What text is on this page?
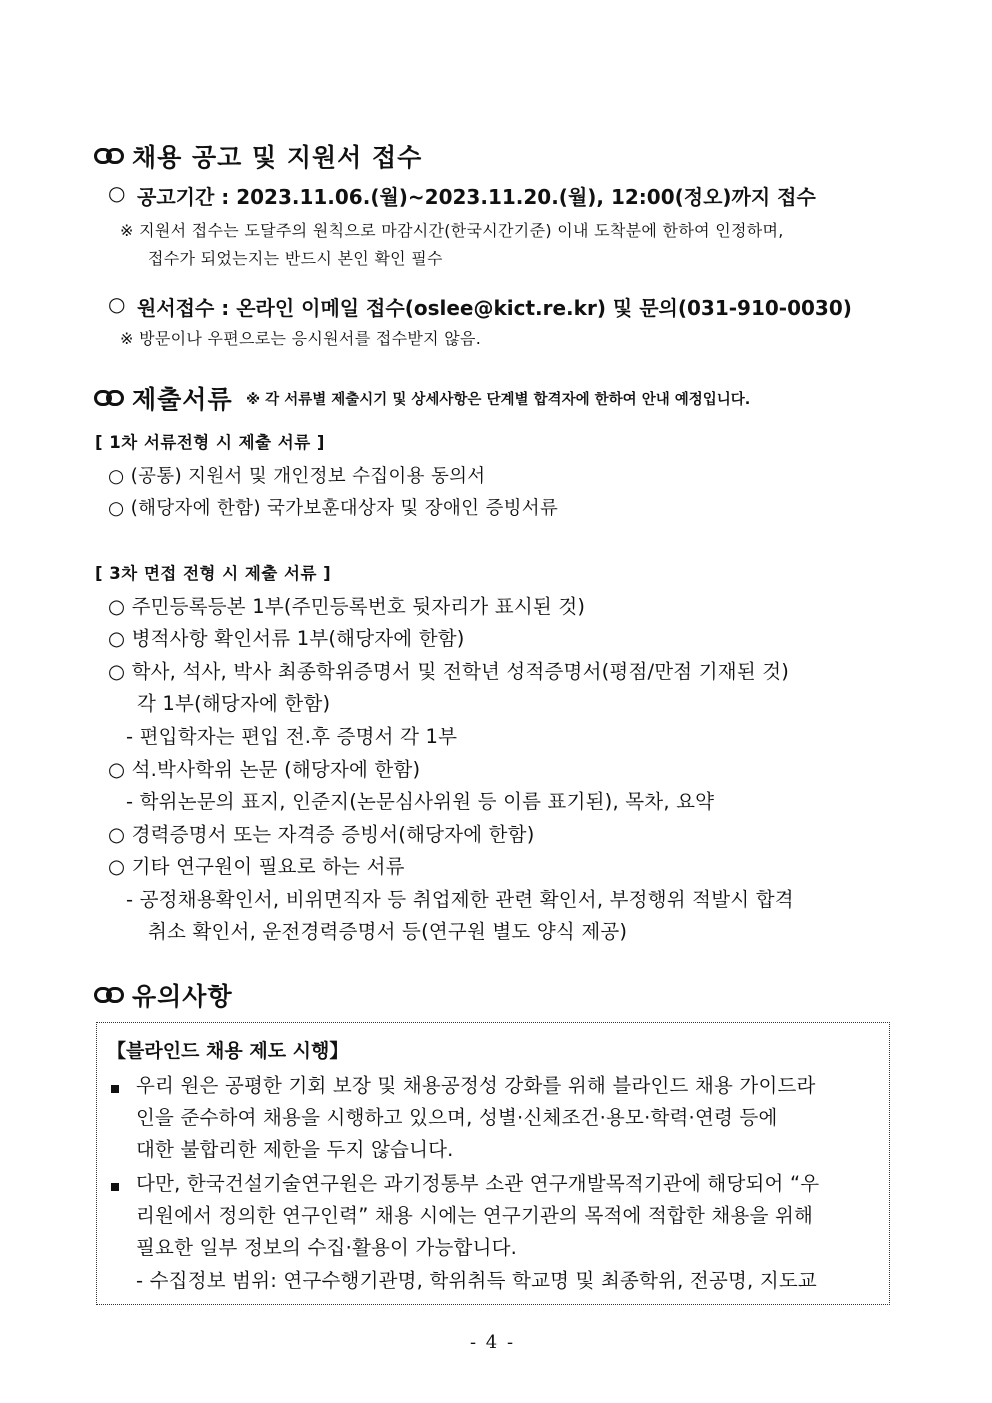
채용 공고 및 지원서 접수
○ 공고기간 : 2023.11.06.(월)~2023.11.20.(월), 12:00(정오)까지 접수
※ 지원서 접수는 도달주의 원칙으로 마감시간(한국시간기준) 이내 도착분에 한하여 인정하며,
접수가 되었는지는 반드시 본인 확인 필수
○ 원서접수 : 온라인 이메일 접수(oslee@kict.re.kr) 및 문의(031-910-0030)
※ 방문이나 우편으로는 응시원서를 접수받지 않음.
제출서류 ※ 각 서류별 제출시기 및 상세사항은 단계별 합격자에 한하여 안내 예정입니다.
[ 1차 서류전형 시 제출 서류 ]
○ (공통) 지원서 및 개인정보 수집이용 동의서
○ (해당자에 한함) 국가보훈대상자 및 장애인 증빙서류
[ 3차 면접 전형 시 제출 서류 ]
○ 주민등록등본 1부(주민등록번호 뒷자리가 표시된 것)
○ 병적사항 확인서류 1부(해당자에 한함)
○ 학사, 석사, 박사 최종학위증명서 및 전학년 성적증명서(평점/만점 기재된 것)
각 1부(해당자에 한함)
- 편입학자는 편입 전.후 증명서 각 1부
○ 석.박사학위 논문 (해당자에 한함)
- 학위논문의 표지, 인준지(논문심사위원 등 이름 표기된), 목차, 요약
○ 경력증명서 또는 자격증 증빙서(해당자에 한함)
○ 기타 연구원이 필요로 하는 서류
- 공정채용확인서, 비위면직자 등 취업제한 관련 확인서, 부정행위 적발시 합격
취소 확인서, 운전경력증명서 등(연구원 별도 양식 제공)
유의사항
【블라인드 채용 제도 시행】
우리 원은 공평한 기회 보장 및 채용공정성 강화를 위해 블라인드 채용 가이드라
인을 준수하여 채용을 시행하고 있으며, 성별·신체조건·용모·학력·연령 등에
대한 불합리한 제한을 두지 않습니다.
다만, 한국건설기술연구원은 과기정통부 소관 연구개발목적기관에 해당되어 “우
리원에서 정의한 연구인력” 채용 시에는 연구기관의 목적에 적합한 채용을 위해
필요한 일부 정보의 수집·활용이 가능합니다.
- 수집정보 범위: 연구수행기관명, 학위취득 학교명 및 최종학위, 전공명, 지도교
- 4 -
